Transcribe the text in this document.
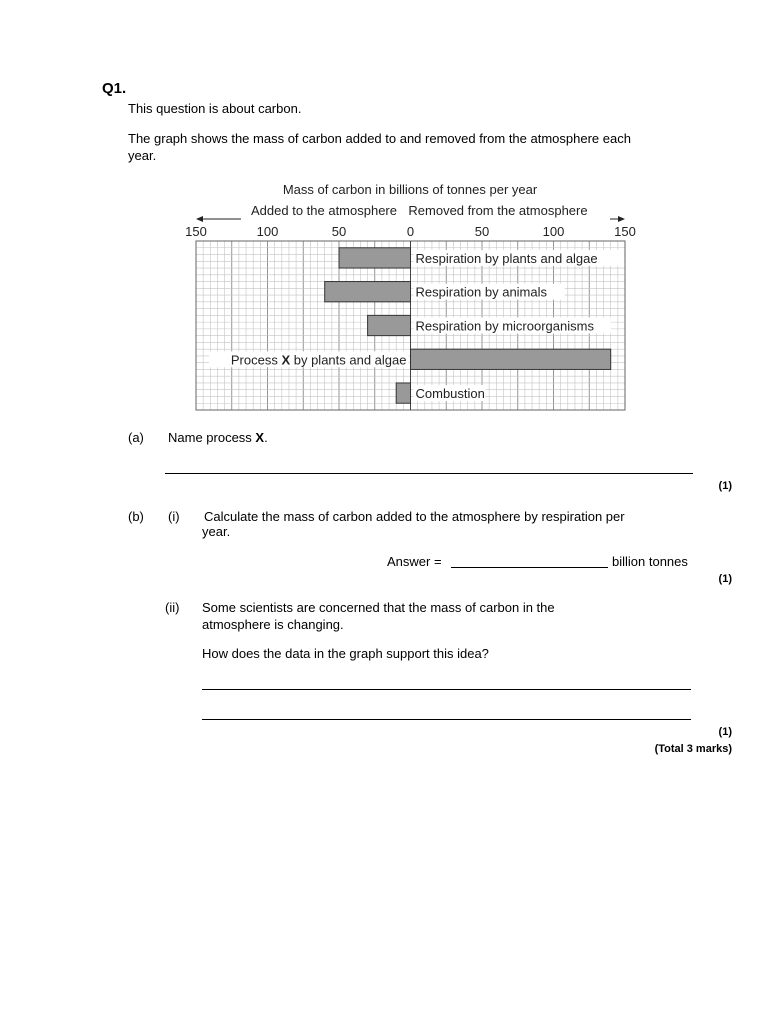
Q1.
This question is about carbon.
The graph shows the mass of carbon added to and removed from the atmosphere each
year.
Mass of carbon in billions of tonnes per year
Added to the atmosphere Removed from the atmosphere
150	100	50	0	50	100	150
Respiration by plants and algae
Respiration by animals
Respiration by microorganisms
Process X by plants and algae
Combustion
(a) Name process X.
(1)
(b) (i) Calculate the mass of carbon added to the atmosphere by respiration per
year.
Answer =	billion tonnes
(1)
(ii) Some scientists are concerned that the mass of carbon in the
atmosphere is changing.
How does the data in the graph support this idea?
(1)
(Total 3 marks)
